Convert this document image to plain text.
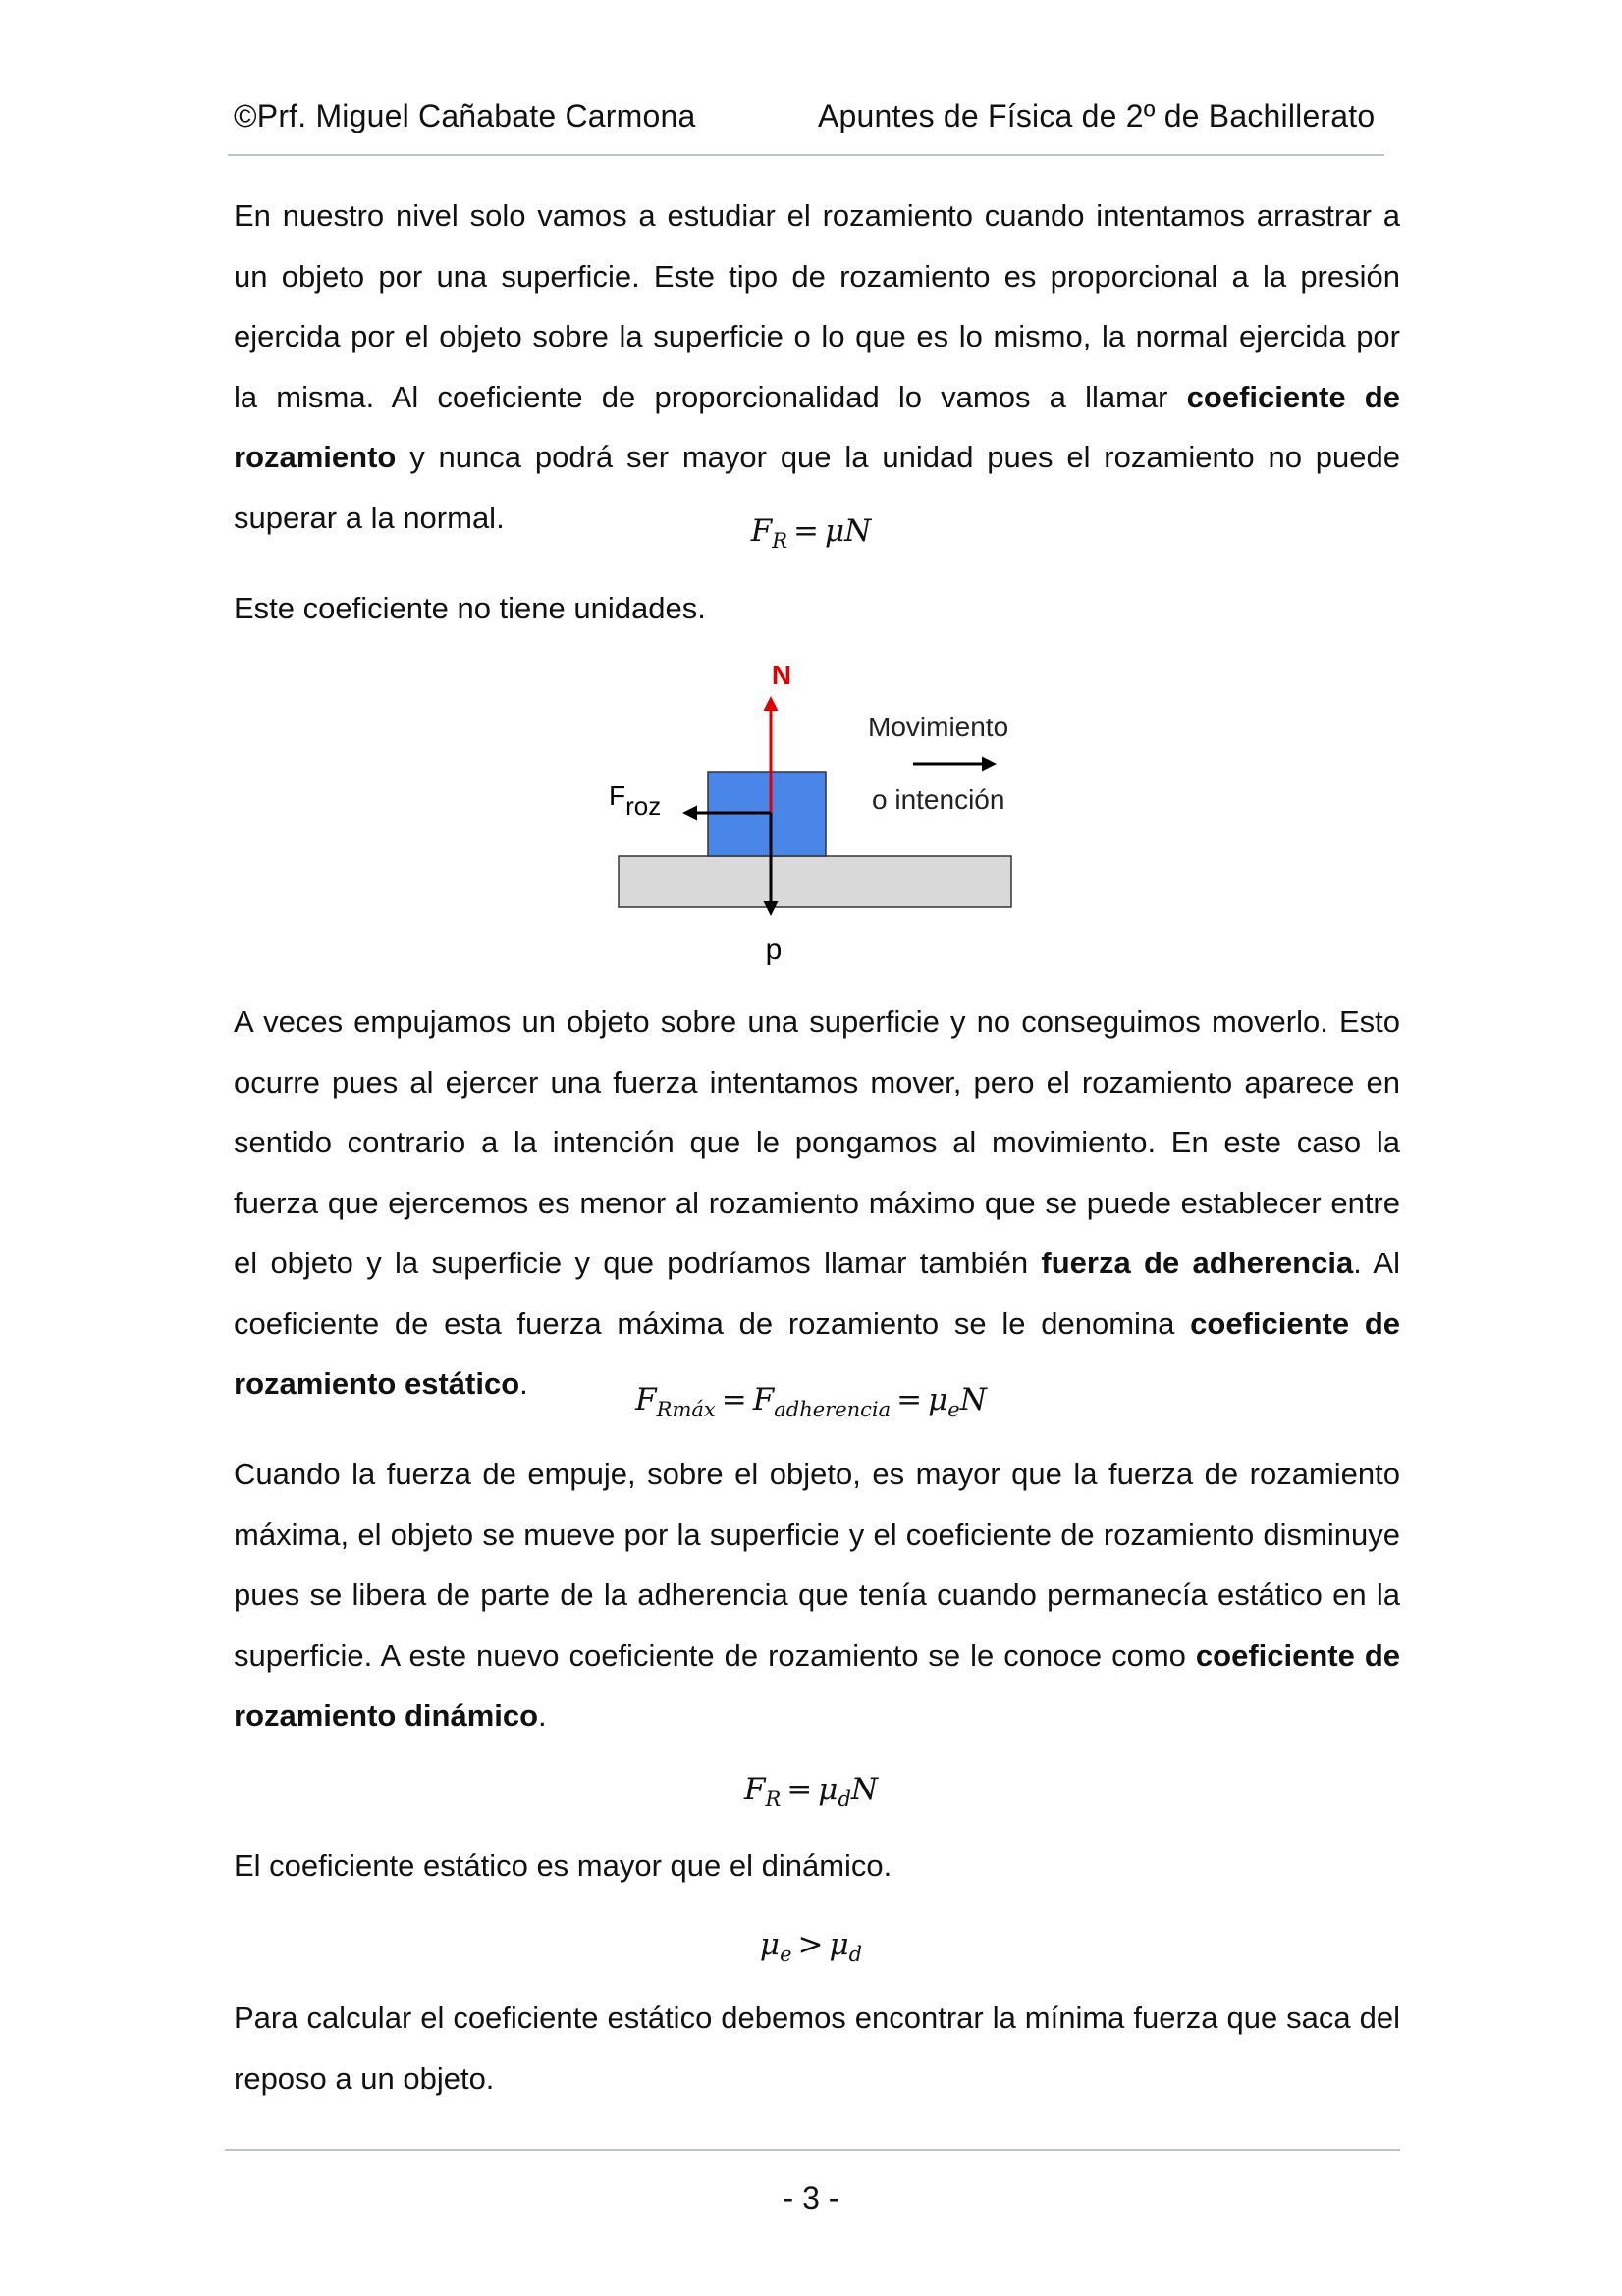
©Prf. Miguel Cañabate Carmona	Apuntes de Física de 2º de Bachillerato

En nuestro nivel solo vamos a estudiar el rozamiento cuando intentamos arrastrar a un objeto por una superficie. Este tipo de rozamiento es proporcional a la presión ejercida por el objeto sobre la superficie o lo que es lo mismo, la normal ejercida por la misma. Al coeficiente de proporcionalidad lo vamos a llamar coeficiente de rozamiento y nunca podrá ser mayor que la unidad pues el rozamiento no puede superar a la normal.	$F_R = \mu N$

Este coeficiente no tiene unidades.

N
p
Froz
Movimiento
o intención

A veces empujamos un objeto sobre una superficie y no conseguimos moverlo. Esto ocurre pues al ejercer una fuerza intentamos mover, pero el rozamiento aparece en sentido contrario a la intención que le pongamos al movimiento. En este caso la fuerza que ejercemos es menor al rozamiento máximo que se puede establecer entre el objeto y la superficie y que podríamos llamar también fuerza de adherencia. Al coeficiente de esta fuerza máxima de rozamiento se le denomina coeficiente de rozamiento estático.	$F_{Rmáx} = F_{adherencia} = \mu_eN$

Cuando la fuerza de empuje, sobre el objeto, es mayor que la fuerza de rozamiento máxima, el objeto se mueve por la superficie y el coeficiente de rozamiento disminuye pues se libera de parte de la adherencia que tenía cuando permanecía estático en la superficie. A este nuevo coeficiente de rozamiento se le conoce como coeficiente de rozamiento dinámico.

$F_R = \mu_dN$

El coeficiente estático es mayor que el dinámico.

$\mu_e > \mu_d$

Para calcular el coeficiente estático debemos encontrar la mínima fuerza que saca del reposo a un objeto.

- 3 -
